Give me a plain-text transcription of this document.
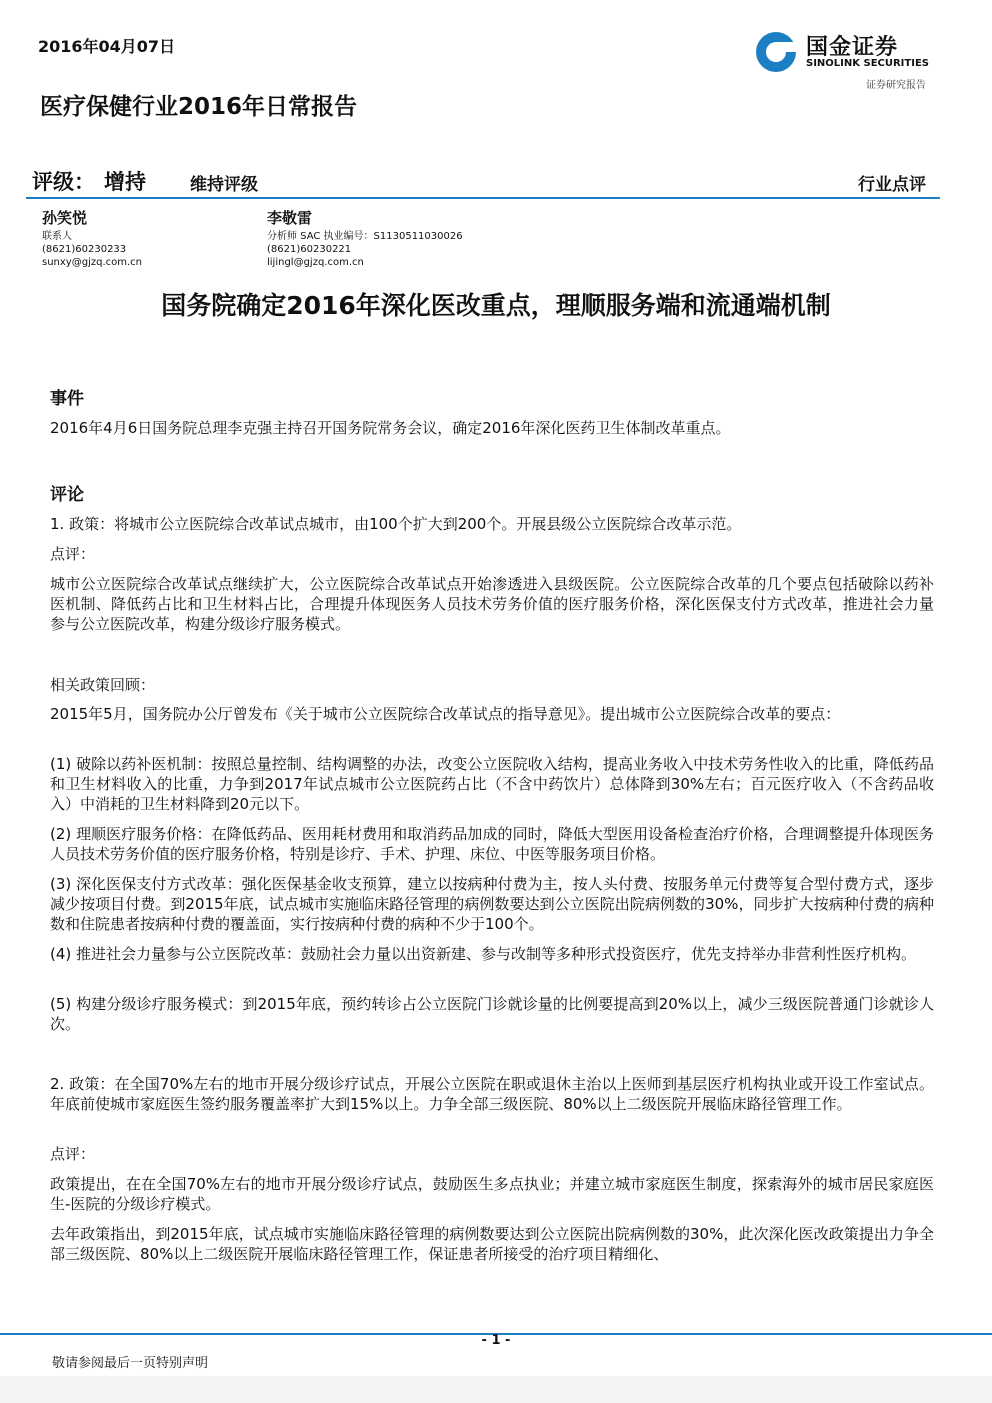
2016年04月07日	国金证券
SINOLINK SECURITIES
证券研究报告
医疗保健行业2016年日常报告
评级： 增持	维持评级	行业点评
孙笑悦
联系人
(8621)60230233
sunxy@gjzq.com.cn
李敬雷
分析师 SAC 执业编号：S1130511030026
(8621)60230221
lijingl@gjzq.com.cn
国务院确定2016年深化医改重点，理顺服务端和流通端机制
事件
2016年4月6日国务院总理李克强主持召开国务院常务会议，确定2016年深化医药卫生体制改革重点。
评论
1. 政策：将城市公立医院综合改革试点城市，由100个扩大到200个。开展县级公立医院综合改革示范。
点评：
城市公立医院综合改革试点继续扩大，公立医院综合改革试点开始渗透进入县级医院。公立医院综合改革的几个要点包括破除以药补医机制、降低药占比和卫生材料占比，合理提升体现医务人员技术劳务价值的医疗服务价格，深化医保支付方式改革，推进社会力量参与公立医院改革，构建分级诊疗服务模式。
相关政策回顾：
2015年5月，国务院办公厅曾发布《关于城市公立医院综合改革试点的指导意见》。提出城市公立医院综合改革的要点：
(1) 破除以药补医机制：按照总量控制、结构调整的办法，改变公立医院收入结构，提高业务收入中技术劳务性收入的比重，降低药品和卫生材料收入的比重，力争到2017年试点城市公立医院药占比（不含中药饮片）总体降到30%左右；百元医疗收入（不含药品收入）中消耗的卫生材料降到20元以下。
(2) 理顺医疗服务价格：在降低药品、医用耗材费用和取消药品加成的同时，降低大型医用设备检查治疗价格，合理调整提升体现医务人员技术劳务价值的医疗服务价格，特别是诊疗、手术、护理、床位、中医等服务项目价格。
(3) 深化医保支付方式改革：强化医保基金收支预算，建立以按病种付费为主，按人头付费、按服务单元付费等复合型付费方式，逐步减少按项目付费。到2015年底，试点城市实施临床路径管理的病例数要达到公立医院出院病例数的30%，同步扩大按病种付费的病种数和住院患者按病种付费的覆盖面，实行按病种付费的病种不少于100个。
(4) 推进社会力量参与公立医院改革：鼓励社会力量以出资新建、参与改制等多种形式投资医疗，优先支持举办非营利性医疗机构。
(5) 构建分级诊疗服务模式：到2015年底，预约转诊占公立医院门诊就诊量的比例要提高到20%以上，减少三级医院普通门诊就诊人次。
2. 政策：在全国70%左右的地市开展分级诊疗试点，开展公立医院在职或退休主治以上医师到基层医疗机构执业或开设工作室试点。年底前使城市家庭医生签约服务覆盖率扩大到15%以上。力争全部三级医院、80%以上二级医院开展临床路径管理工作。
点评：
政策提出，在在全国70%左右的地市开展分级诊疗试点，鼓励医生多点执业；并建立城市家庭医生制度，探索海外的城市居民家庭医生-医院的分级诊疗模式。
去年政策指出，到2015年底，试点城市实施临床路径管理的病例数要达到公立医院出院病例数的30%，此次深化医改政策提出力争全部三级医院、80%以上二级医院开展临床路径管理工作，保证患者所接受的治疗项目精细化、
- 1 -
敬请参阅最后一页特别声明
